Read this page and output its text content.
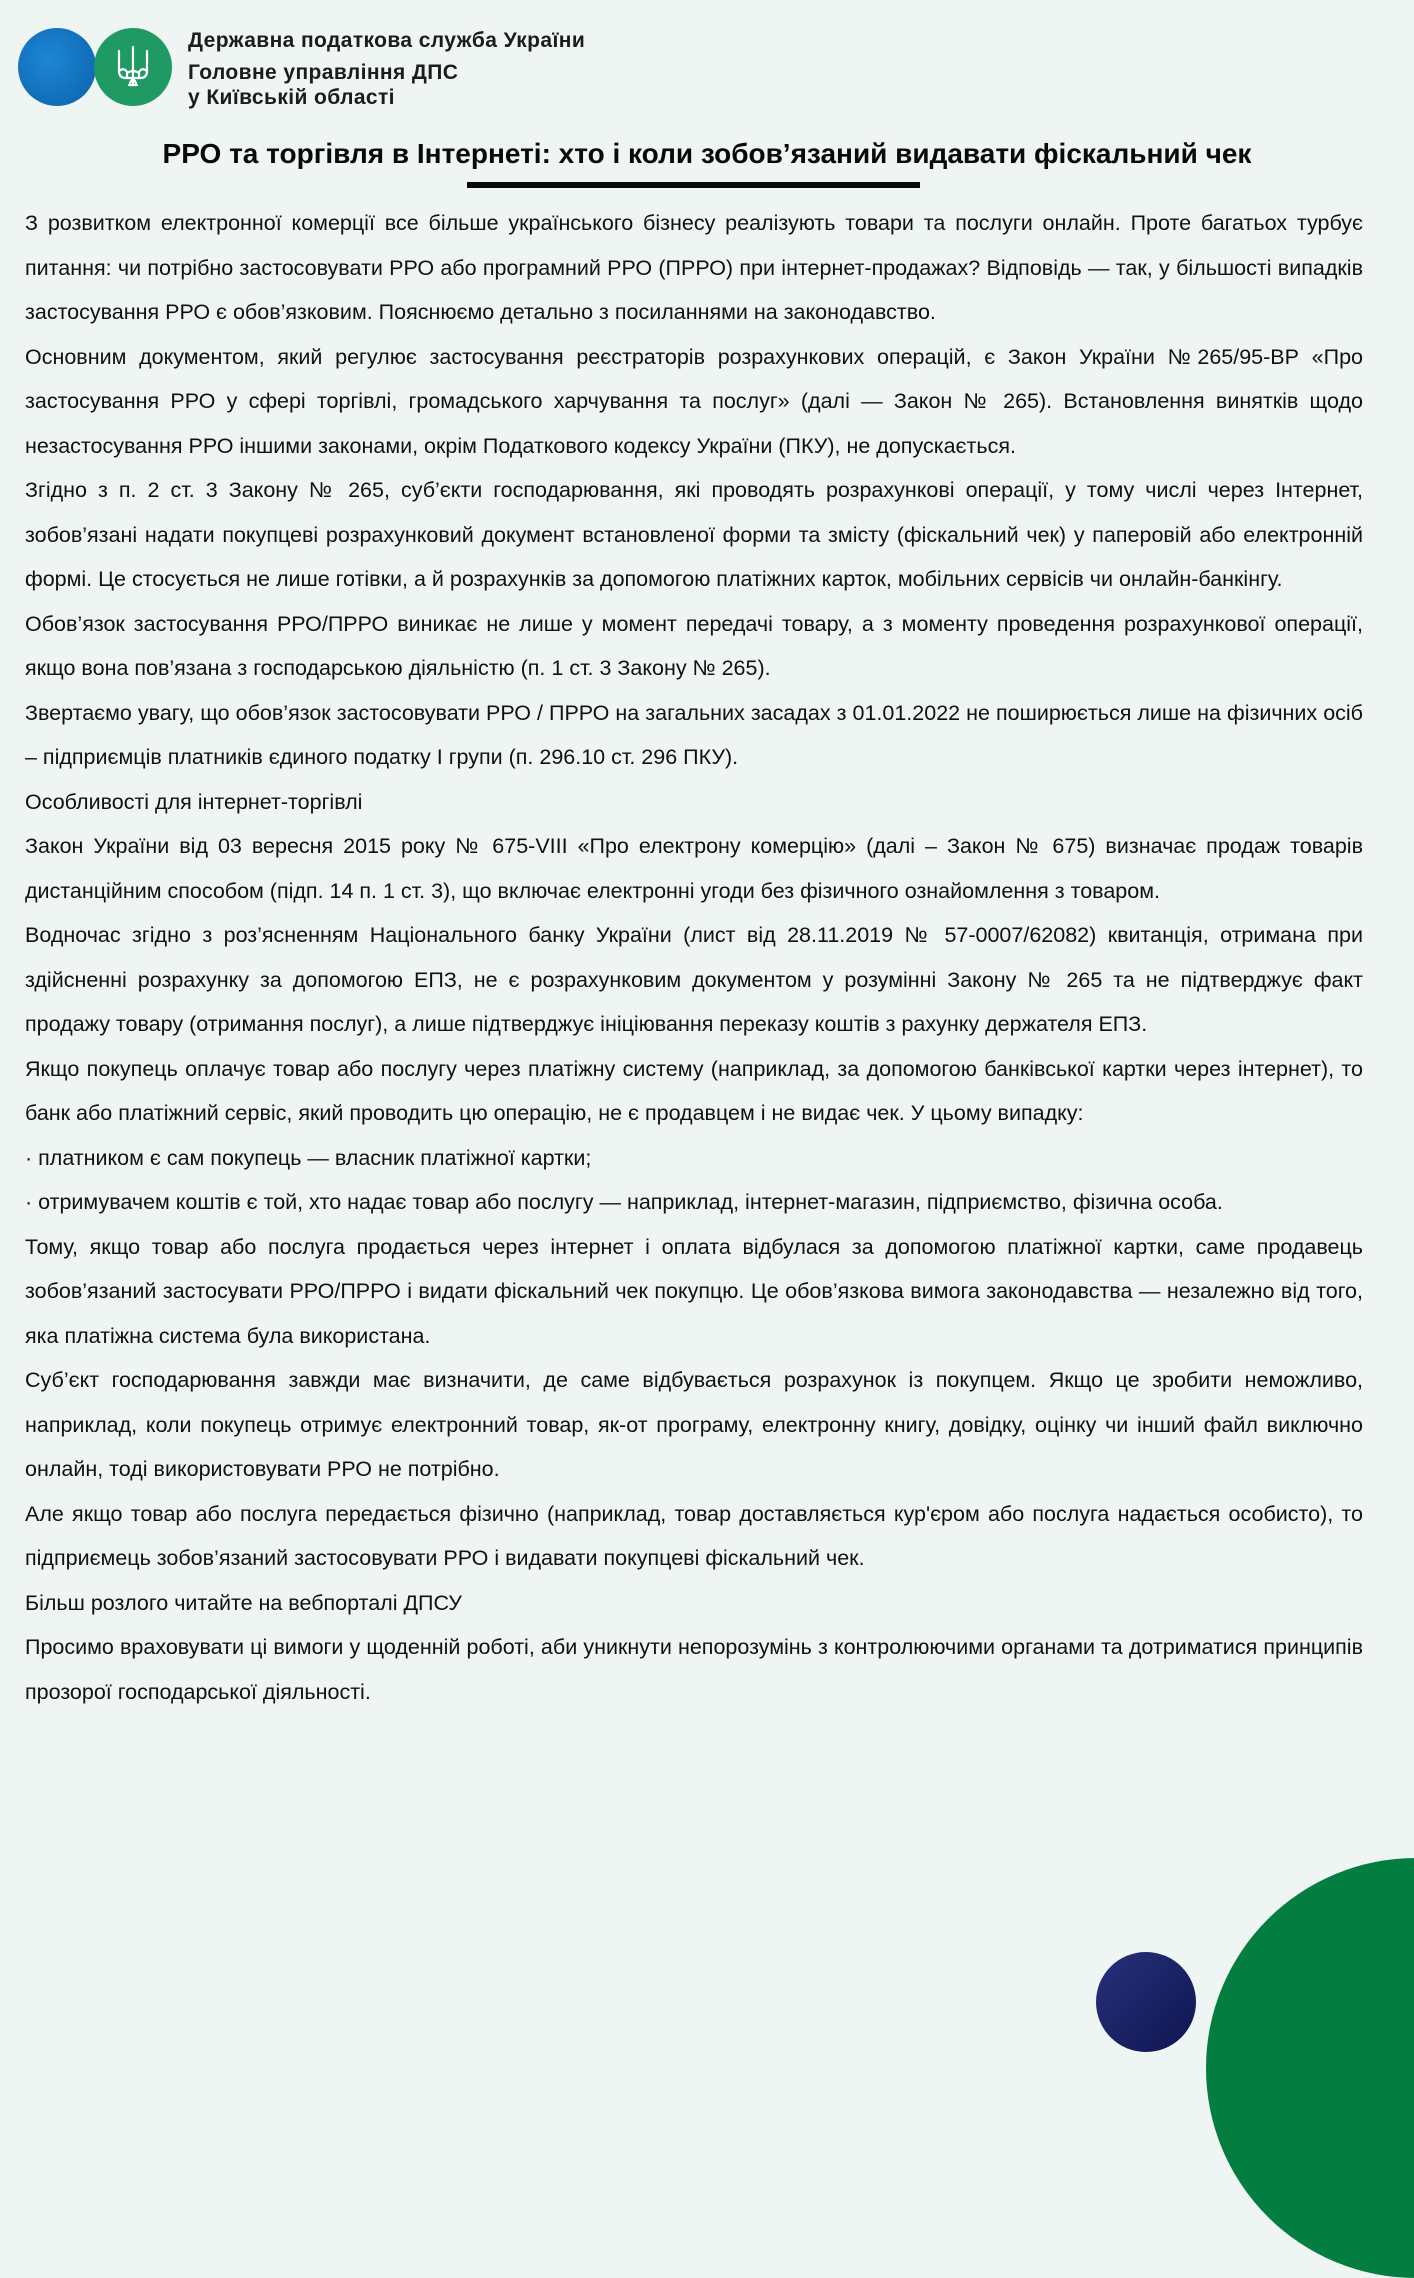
Державна податкова служба України
Головне управління ДПС
у Київській області
РРО та торгівля в Інтернеті: хто і коли зобов’язаний видавати фіскальний чек

З розвитком електронної комерції все більше українського бізнесу реалізують товари та послуги онлайн. Проте багатьох турбує питання: чи потрібно застосовувати РРО або програмний РРО (ПРРО) при інтернет-продажах? Відповідь — так, у більшості випадків застосування РРО є обов’язковим. Пояснюємо детально з посиланнями на законодавство.

Основним документом, який регулює застосування реєстраторів розрахункових операцій, є Закон України №265/95-ВР «Про застосування РРО у сфері торгівлі, громадського харчування та послуг» (далі — Закон № 265). Встановлення винятків щодо незастосування РРО іншими законами, окрім Податкового кодексу України (ПКУ), не допускається.

Згідно з п. 2 ст. 3 Закону № 265, суб’єкти господарювання, які проводять розрахункові операції, у тому числі через Інтернет, зобов’язані надати покупцеві розрахунковий документ встановленої форми та змісту (фіскальний чек) у паперовій або електронній формі. Це стосується не лише готівки, а й розрахунків за допомогою платіжних карток, мобільних сервісів чи онлайн-банкінгу.

Обов’язок застосування РРО/ПРРО виникає не лише у момент передачі товару, а з моменту проведення розрахункової операції, якщо вона пов’язана з господарською діяльністю (п. 1 ст. 3 Закону № 265).

Звертаємо увагу, що обов’язок застосовувати РРО / ПРРО на загальних засадах з 01.01.2022 не поширюється лише на фізичних осіб – підприємців платників єдиного податку I групи (п. 296.10 ст. 296 ПКУ).

Особливості для інтернет-торгівлі

Закон України від 03 вересня 2015 року № 675-VIII «Про електрону комерцію» (далі – Закон № 675) визначає продаж товарів дистанційним способом (підп. 14 п. 1 ст. 3), що включає електронні угоди без фізичного ознайомлення з товаром.

Водночас згідно з роз’ясненням Національного банку України (лист від 28.11.2019 № 57-0007/62082) квитанція, отримана при здійсненні розрахунку за допомогою ЕПЗ, не є розрахунковим документом у розумінні Закону № 265 та не підтверджує факт продажу товару (отримання послуг), а лише підтверджує ініціювання переказу коштів з рахунку держателя ЕПЗ.

Якщо покупець оплачує товар або послугу через платіжну систему (наприклад, за допомогою банківської картки через інтернет), то банк або платіжний сервіс, який проводить цю операцію, не є продавцем і не видає чек. У цьому випадку:

· платником є сам покупець — власник платіжної картки;

· отримувачем коштів є той, хто надає товар або послугу — наприклад, інтернет-магазин, підприємство, фізична особа.

Тому, якщо товар або послуга продається через інтернет і оплата відбулася за допомогою платіжної картки, саме продавець зобов’язаний застосувати РРО/ПРРО і видати фіскальний чек покупцю. Це обов’язкова вимога законодавства — незалежно від того, яка платіжна система була використана.

Суб’єкт господарювання завжди має визначити, де саме відбувається розрахунок із покупцем. Якщо це зробити неможливо, наприклад, коли покупець отримує електронний товар, як-от програму, електронну книгу, довідку, оцінку чи інший файл виключно онлайн, тоді використовувати РРО не потрібно.

Але якщо товар або послуга передається фізично (наприклад, товар доставляється кур'єром або послуга надається особисто), то підприємець зобов’язаний застосовувати РРО і видавати покупцеві фіскальний чек.

Більш розлого читайте на вебпорталі ДПСУ

Просимо враховувати ці вимоги у щоденній роботі, аби уникнути непорозумінь з контролюючими органами та дотриматися принципів прозорої господарської діяльності.
